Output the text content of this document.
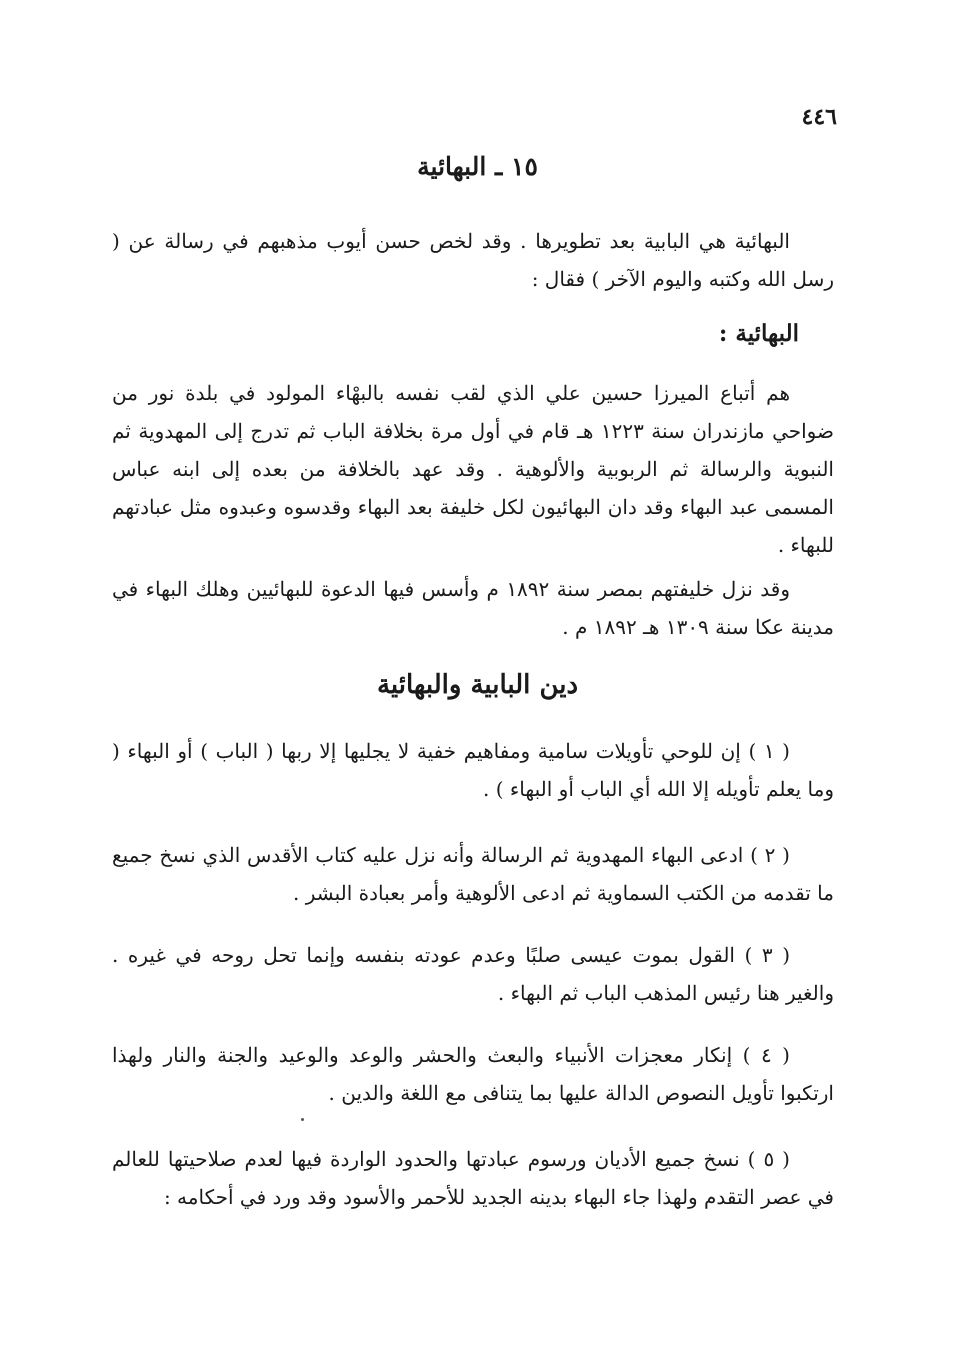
٤٤٦
١٥ ـ البهائية

البهائية هي البابية بعد تطويرها . وقد لخص حسن أيوب مذهبهم في رسالة عن ( رسل الله وكتبه واليوم الآخر ) فقال :

البهائية :

هم أتباع الميرزا حسين علي الذي لقب نفسه بالبهْاء المولود في بلدة نور من ضواحي مازندران سنة ١٢٢٣ هـ قام في أول مرة بخلافة الباب ثم تدرج إلى المهدوية ثم النبوية والرسالة ثم الربوبية والألوهية . وقد عهد بالخلافة من بعده إلى ابنه عباس المسمى عبد البهاء وقد دان البهائيون لكل خليفة بعد البهاء وقدسوه وعبدوه مثل عبادتهم للبهاء .

وقد نزل خليفتهم بمصر سنة ١٨٩٢ م وأسس فيها الدعوة للبهائيين وهلك البهاء في مدينة عكا سنة ١٣٠٩ هـ ١٨٩٢ م .

دين البابية والبهائية

( ١ ) إن للوحي تأويلات سامية ومفاهيم خفية لا يجليها إلا ربها ( الباب ) أو البهاء ( وما يعلم تأويله إلا الله أي الباب أو البهاء ) .

( ٢ ) ادعى البهاء المهدوية ثم الرسالة وأنه نزل عليه كتاب الأقدس الذي نسخ جميع ما تقدمه من الكتب السماوية ثم ادعى الألوهية وأمر بعبادة البشر .

( ٣ ) القول بموت عيسى صلبًا وعدم عودته بنفسه وإنما تحل روحه في غيره . والغير هنا رئيس المذهب الباب ثم البهاء .

( ٤ ) إنكار معجزات الأنبياء والبعث والحشر والوعد والوعيد والجنة والنار ولهذا ارتكبوا تأويل النصوص الدالة عليها بما يتنافى مع اللغة والدين .

( ٥ ) نسخ جميع الأديان ورسوم عبادتها والحدود الواردة فيها لعدم صلاحيتها للعالم في عصر التقدم ولهذا جاء البهاء بدينه الجديد للأحمر والأسود وقد ورد في أحكامه :
